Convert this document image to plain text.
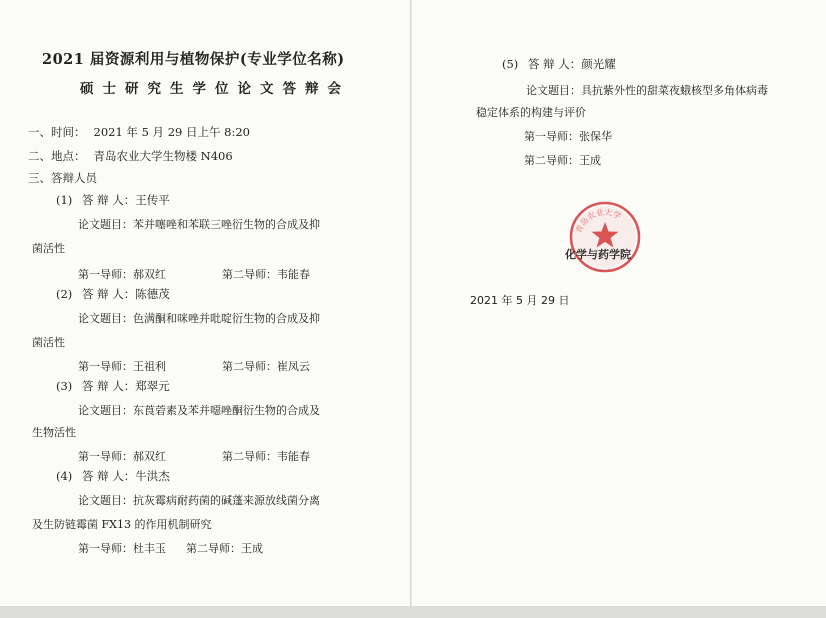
2021 届资源利用与植物保护(专业学位名称)
硕士研究生学位论文答辩会
一、时间： 2021 年 5 月 29 日上午 8:20
二、地点： 青岛农业大学生物楼 N406
三、答辩人员
(1) 答 辩 人：王传平
论文题目：苯并噻唑和苯联三唑衍生物的合成及抑
菌活性
第一导师：郝双红	第二导师：韦能春
(2) 答 辩 人：陈德茂
论文题目：色满酮和咪唑并吡啶衍生物的合成及抑
菌活性
第一导师：王祖利	第二导师：崔凤云
(3) 答 辩 人：郑翠元
论文题目：东莨菪素及苯并噁唑酮衍生物的合成及
生物活性
第一导师：郝双红	第二导师：韦能春
(4) 答 辩 人：牛洪杰
论文题目：抗灰霉病耐药菌的碱蓬来源放线菌分离
及生防链霉菌 FX13 的作用机制研究
第一导师：杜丰玉 第二导师：王成
(5) 答 辩 人：颜光耀
论文题目：具抗紫外性的甜菜夜蛾核型多角体病毒
稳定体系的构建与评价
第一导师：张保华
第二导师：王成
青岛农业大学
化学与药学院
2021 年 5 月 29 日
